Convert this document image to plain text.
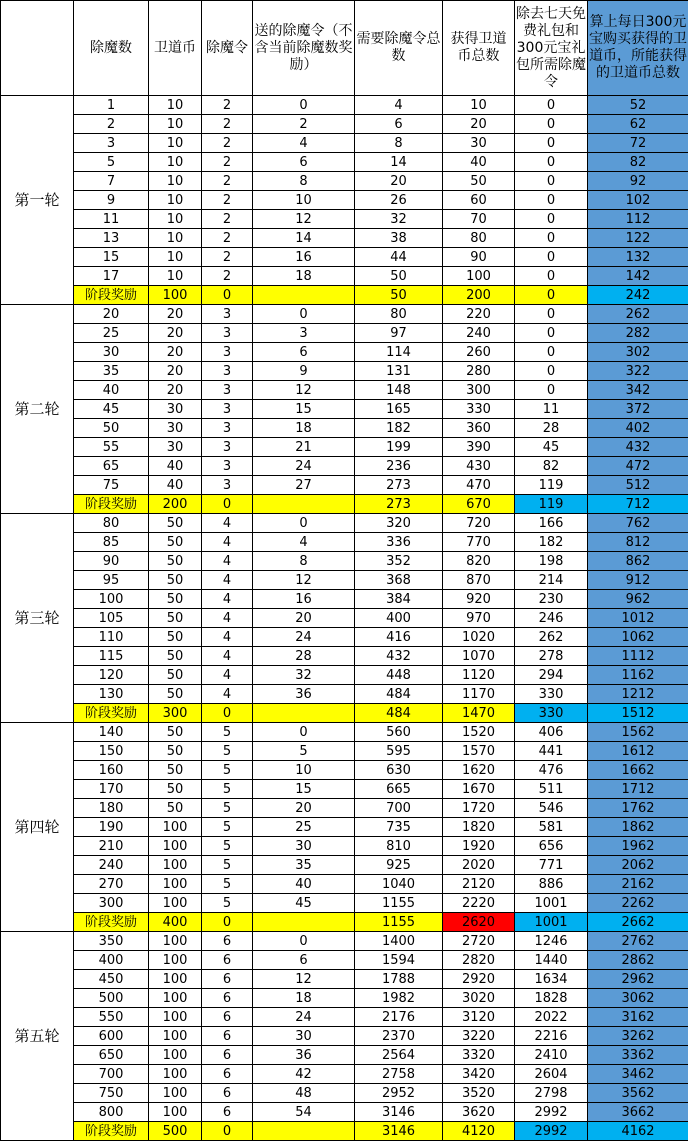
	除魔数	卫道币	除魔令	送的除魔令（不含当前除魔数奖励）	需要除魔令总数	获得卫道币总数	除去七天免费礼包和300元宝礼包所需除魔令	算上每日300元宝购买获得的卫道币，所能获得的卫道币总数
第一轮	1	10	2	0	4	10	0	52
	2	10	2	2	6	20	0	62
	3	10	2	4	8	30	0	72
	5	10	2	6	14	40	0	82
	7	10	2	8	20	50	0	92
	9	10	2	10	26	60	0	102
	11	10	2	12	32	70	0	112
	13	10	2	14	38	80	0	122
	15	10	2	16	44	90	0	132
	17	10	2	18	50	100	0	142
	阶段奖励	100	0		50	200	0	242
第二轮	20	20	3	0	80	220	0	262
	25	20	3	3	97	240	0	282
	30	20	3	6	114	260	0	302
	35	20	3	9	131	280	0	322
	40	20	3	12	148	300	0	342
	45	30	3	15	165	330	11	372
	50	30	3	18	182	360	28	402
	55	30	3	21	199	390	45	432
	65	40	3	24	236	430	82	472
	75	40	3	27	273	470	119	512
	阶段奖励	200	0		273	670	119	712
第三轮	80	50	4	0	320	720	166	762
	85	50	4	4	336	770	182	812
	90	50	4	8	352	820	198	862
	95	50	4	12	368	870	214	912
	100	50	4	16	384	920	230	962
	105	50	4	20	400	970	246	1012
	110	50	4	24	416	1020	262	1062
	115	50	4	28	432	1070	278	1112
	120	50	4	32	448	1120	294	1162
	130	50	4	36	484	1170	330	1212
	阶段奖励	300	0		484	1470	330	1512
第四轮	140	50	5	0	560	1520	406	1562
	150	50	5	5	595	1570	441	1612
	160	50	5	10	630	1620	476	1662
	170	50	5	15	665	1670	511	1712
	180	50	5	20	700	1720	546	1762
	190	100	5	25	735	1820	581	1862
	210	100	5	30	810	1920	656	1962
	240	100	5	35	925	2020	771	2062
	270	100	5	40	1040	2120	886	2162
	300	100	5	45	1155	2220	1001	2262
	阶段奖励	400	0		1155	2620	1001	2662
第五轮	350	100	6	0	1400	2720	1246	2762
	400	100	6	6	1594	2820	1440	2862
	450	100	6	12	1788	2920	1634	2962
	500	100	6	18	1982	3020	1828	3062
	550	100	6	24	2176	3120	2022	3162
	600	100	6	30	2370	3220	2216	3262
	650	100	6	36	2564	3320	2410	3362
	700	100	6	42	2758	3420	2604	3462
	750	100	6	48	2952	3520	2798	3562
	800	100	6	54	3146	3620	2992	3662
	阶段奖励	500	0		3146	4120	2992	4162
